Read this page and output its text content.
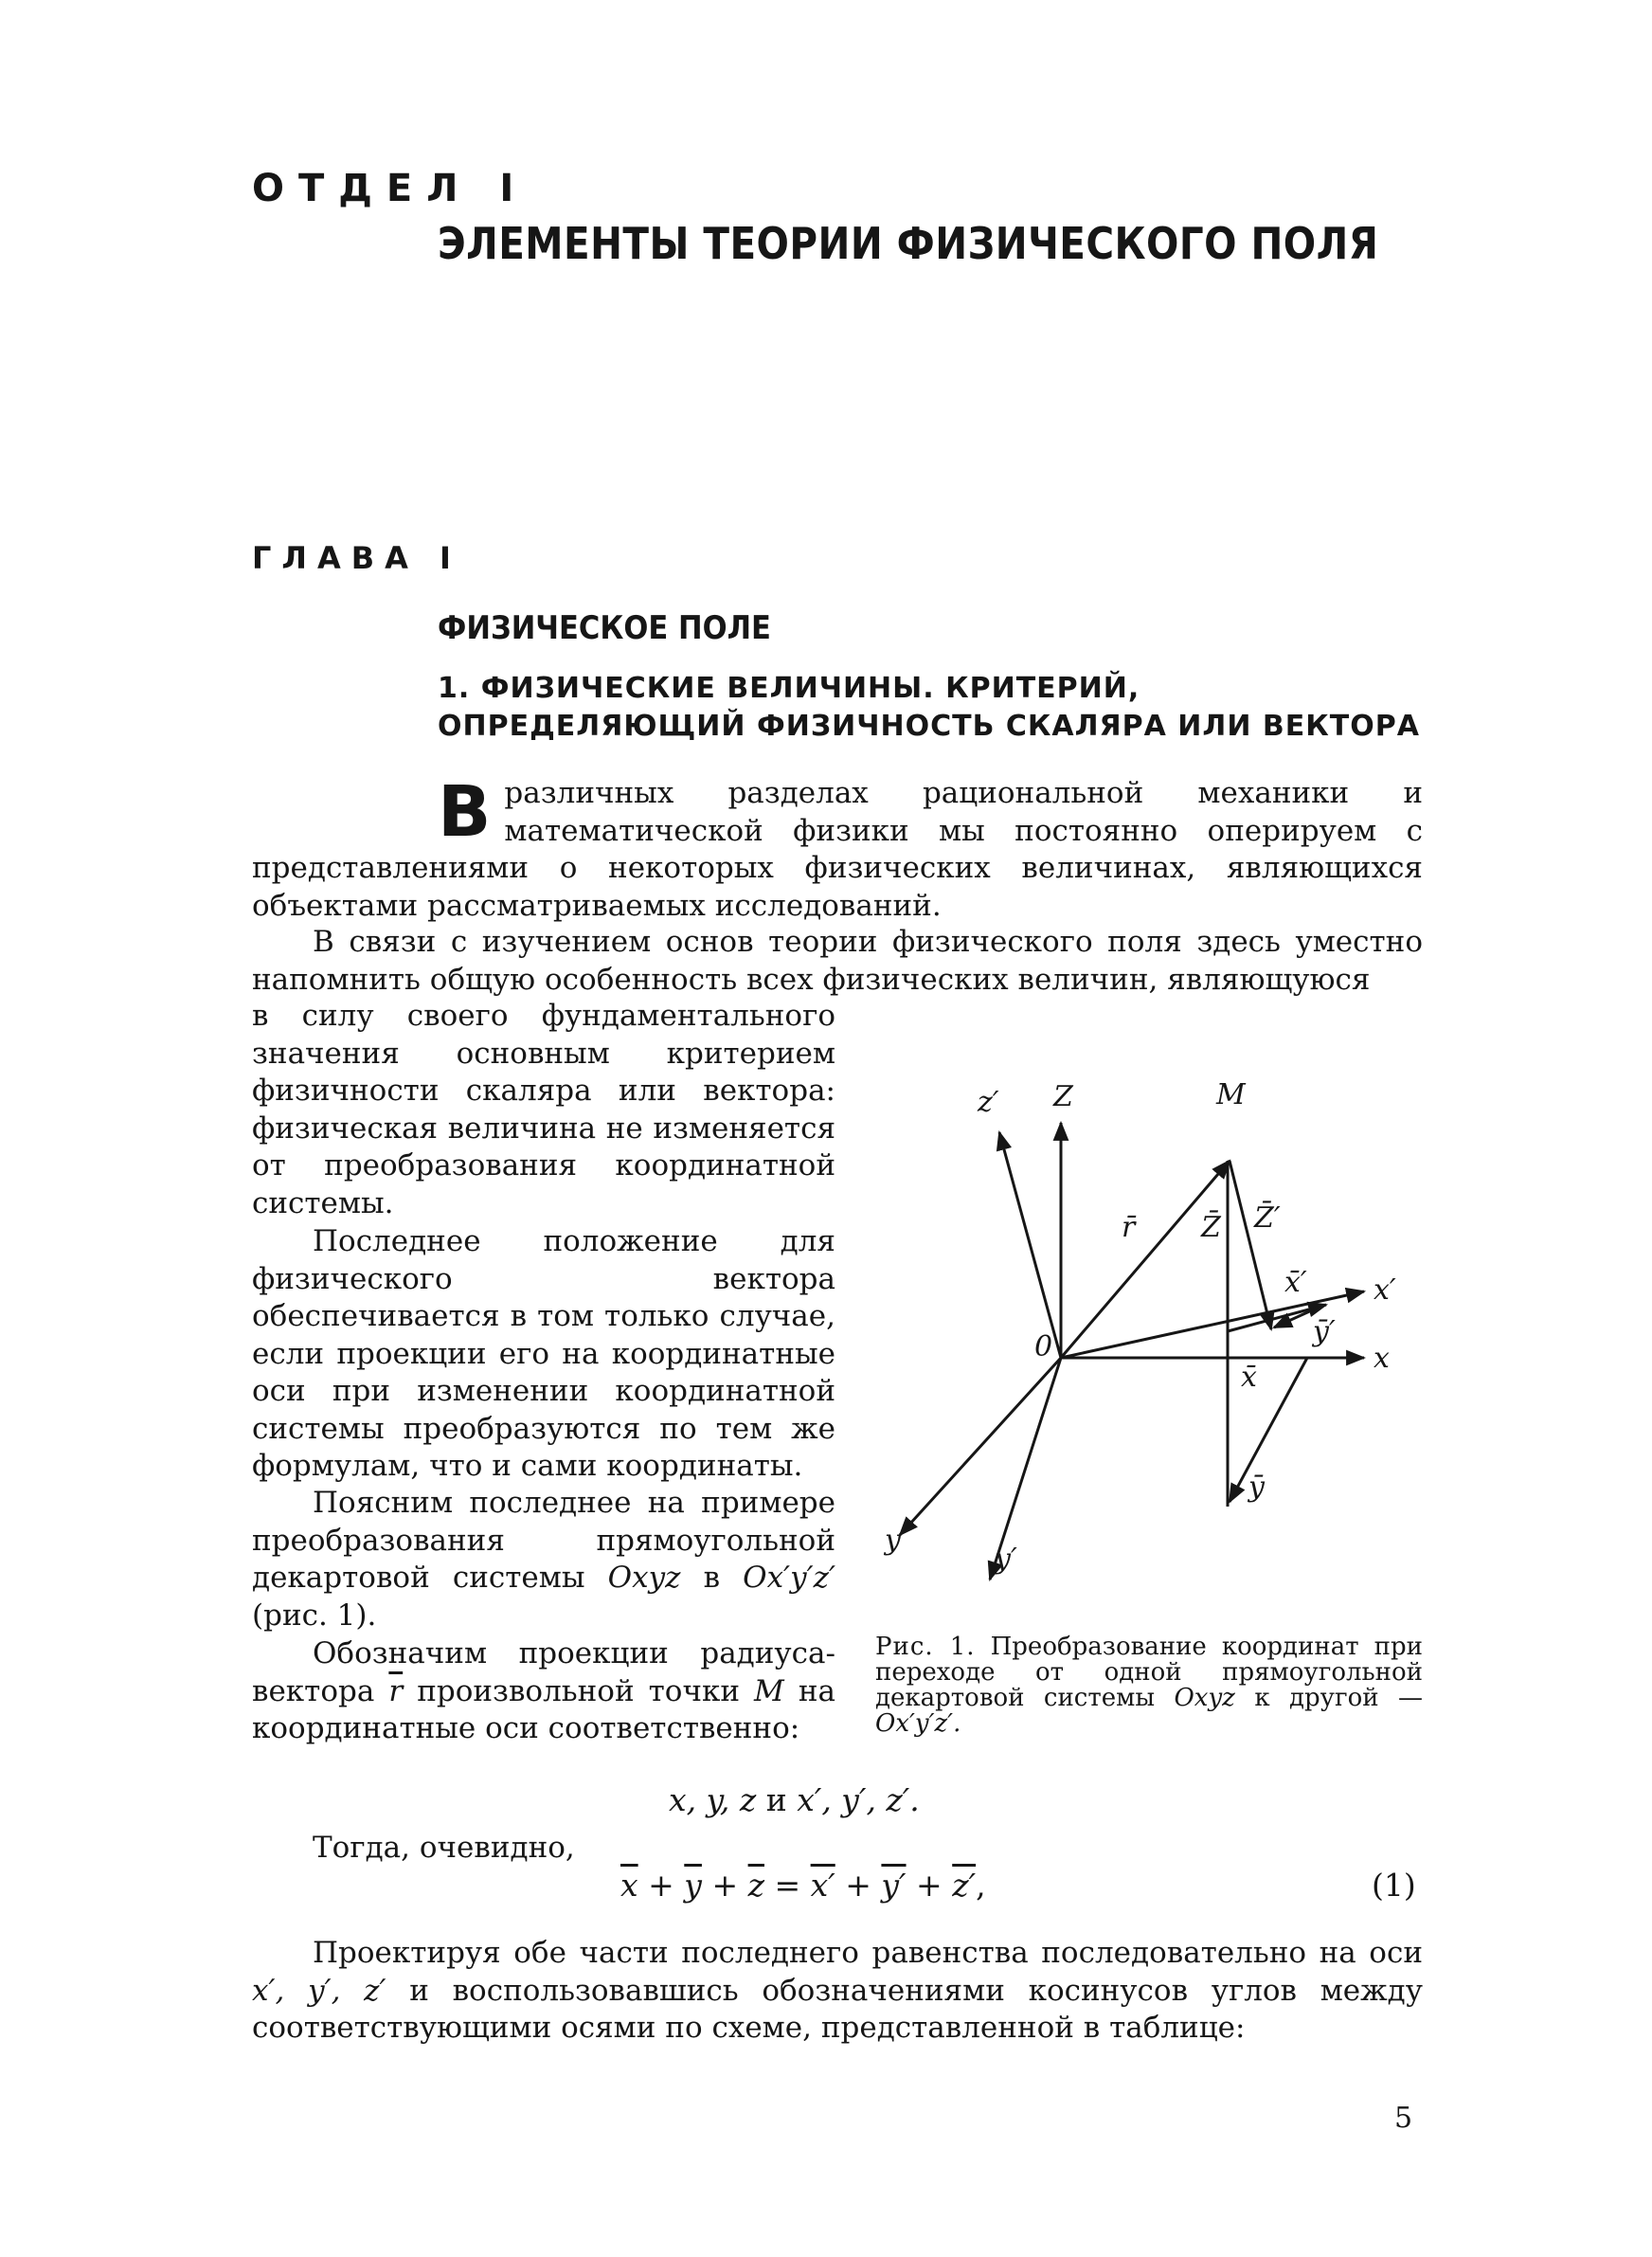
ОТДЕЛ I
ЭЛЕМЕНТЫ ТЕОРИИ ФИЗИЧЕСКОГО ПОЛЯ
ГЛАВА I
ФИЗИЧЕСКОЕ ПОЛЕ
1. ФИЗИЧЕСКИЕ ВЕЛИЧИНЫ. КРИТЕРИЙ, ОПРЕДЕЛЯЮЩИЙ ФИЗИЧНОСТЬ СКАЛЯРА ИЛИ ВЕКТОРА

Вразличных разделах рациональной механики и математической физики мы постоянно оперируем с представлениями о некоторых физических величинах, являющихся объектами рассматриваемых исследований.

В связи с изучением основ теории физического поля здесь уместно напомнить общую особенность всех физических величин, являющуюся

в силу своего фундаментального значения основным критерием физичности скаляра или вектора: физическая величина не изменяется от преобразования координатной системы.

Последнее положение для физического вектора обеспечивается в том только случае, если проекции его на координатные оси при изменении координатной системы преобразуются по тем же формулам, что и сами координаты.

Поясним последнее на примере преобразования прямоугольной декартовой системы Oxyz в Ox′y′z′ (рис. 1).

Обозначим проекции радиуса-вектора $\overline{r}$ произвольной точки M на координатные оси соответственно:

z′ Z	M
0
x′
x
y
y′
r̄ Z̄ Z̄′
x̄′
ȳ′
x̄
ȳ

Рис. 1. Преобразование координат при переходе от одной прямоугольной декартовой системы Oxyz к другой — Ox′y′z′.

x, y, z и x′, y′, z′.

Тогда, очевидно,

$\overline{x} + \overline{y} + \overline{z} = x' + y' + z'$,	(1)

Проектируя обе части последнего равенства последовательно на оси x′, y′, z′ и воспользовавшись обозначениями косинусов углов между соответствующими осями по схеме, представленной в таблице:

5
